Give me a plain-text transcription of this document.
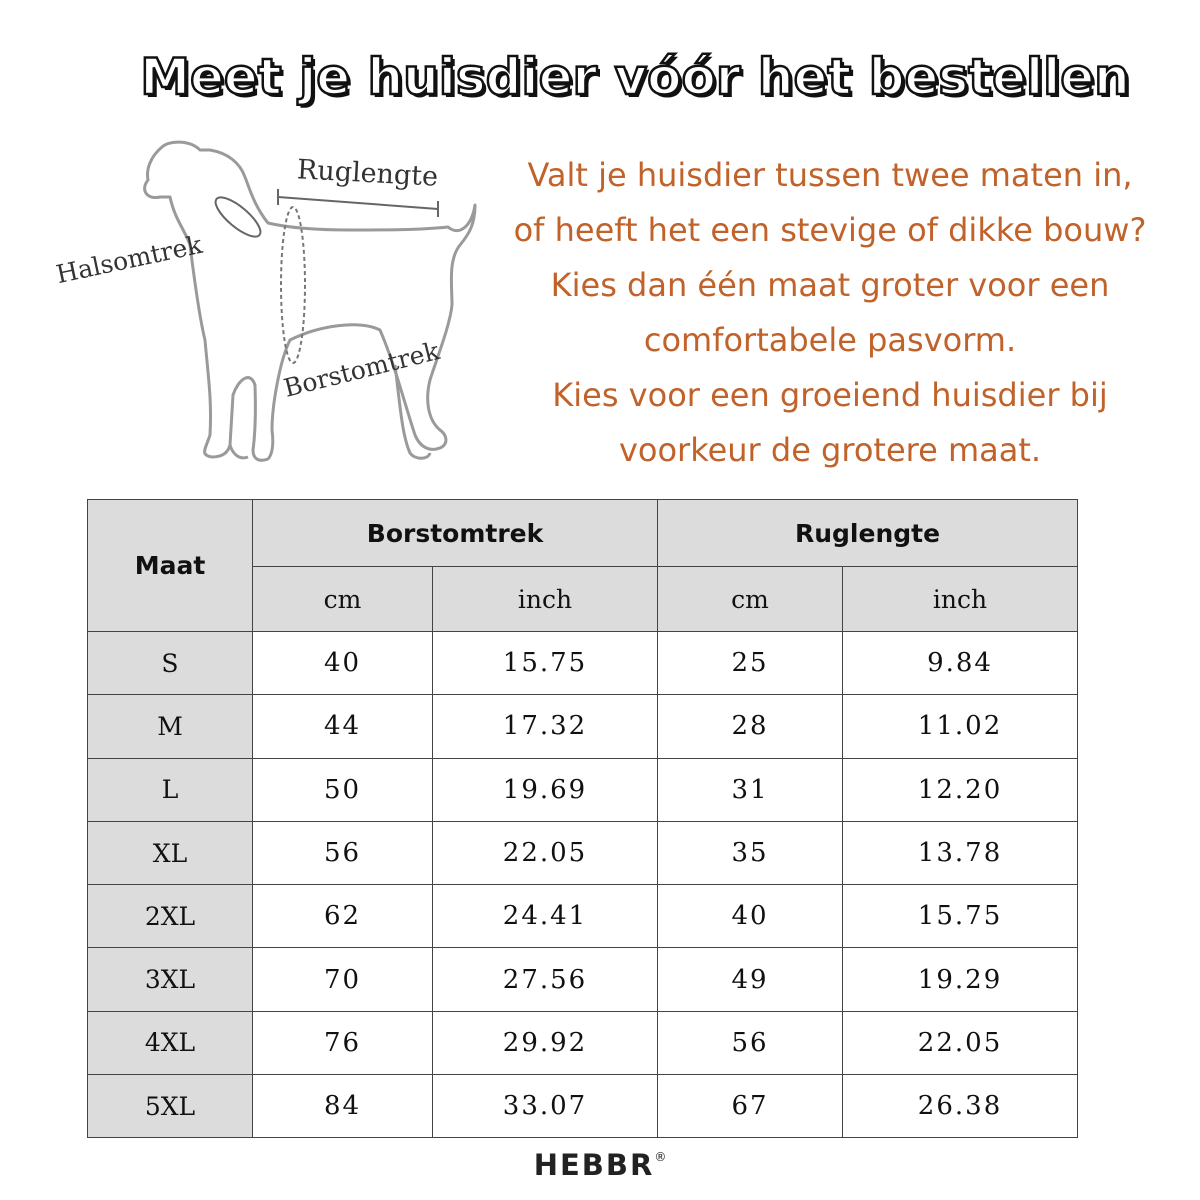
Meet je huisdier vóór het bestellen
Ruglengte
Halsomtrek
Borstomtrek
Valt je huisdier tussen twee maten in,
of heeft het een stevige of dikke bouw?
Kies dan één maat groter voor een
comfortabele pasvorm.
Kies voor een groeiend huisdier bij
voorkeur de grotere maat.
Maat	Borstomtrek		Ruglengte	
	cm	inch	cm	inch
S	40	15.75	25	9.84
M	44	17.32	28	11.02
L	50	19.69	31	12.20
XL	56	22.05	35	13.78
2XL	62	24.41	40	15.75
3XL	70	27.56	49	19.29
4XL	76	29.92	56	22.05
5XL	84	33.07	67	26.38
HEBBR®
